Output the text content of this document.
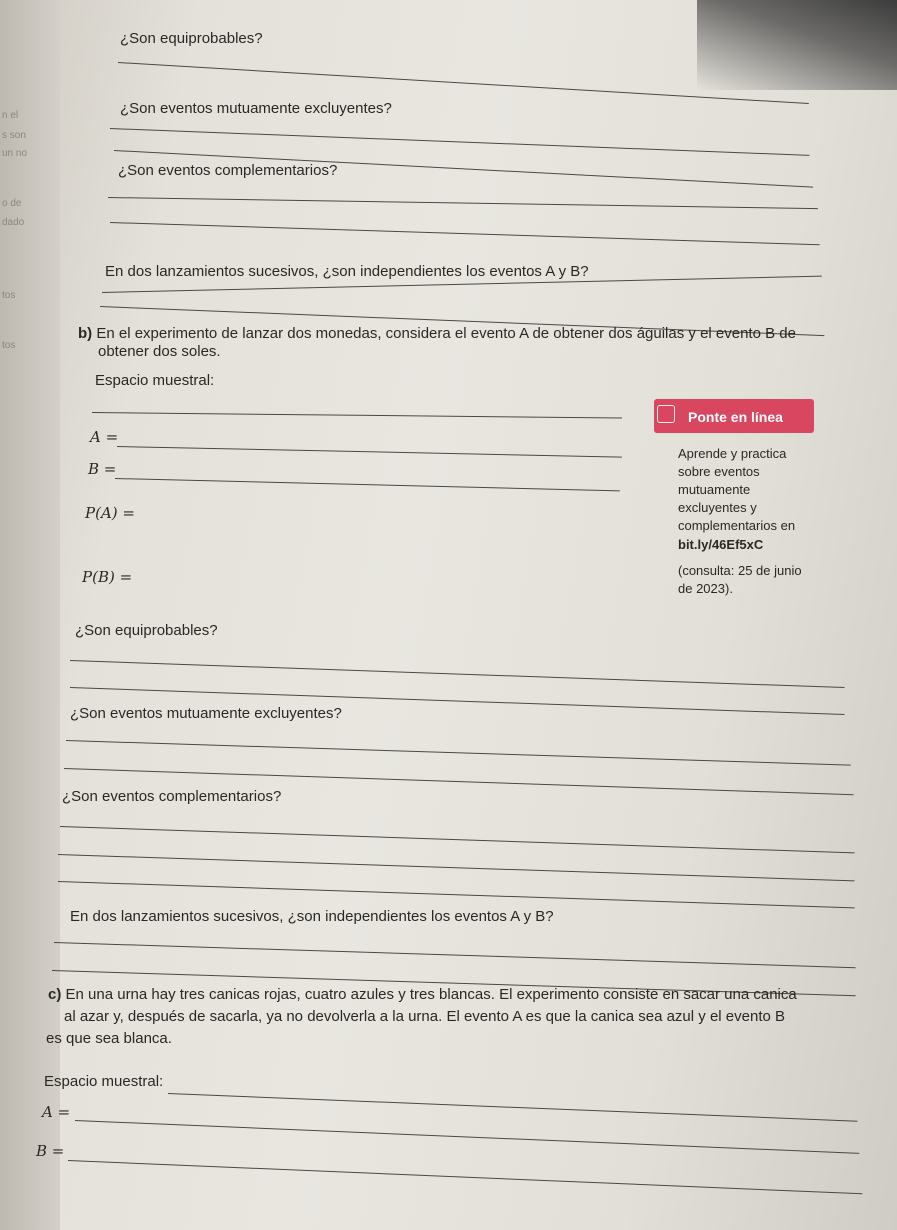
n el
s son
un no
o de
dado
tos
tos
¿Son equiprobables?
¿Son eventos mutuamente excluyentes?
¿Son eventos complementarios?
En dos lanzamientos sucesivos, ¿son independientes los eventos A y B?
b) En el experimento de lanzar dos monedas, considera el evento A de obtener dos águilas y el evento B de
obtener dos soles.
Espacio muestral:
A =
B =
P(A) =
P(B) =
Ponte en línea
Aprende y practica
sobre eventos
mutuamente
excluyentes y
complementarios en
bit.ly/46Ef5xC
(consulta: 25 de junio
de 2023).
¿Son equiprobables?
¿Son eventos mutuamente excluyentes?
¿Son eventos complementarios?
En dos lanzamientos sucesivos, ¿son independientes los eventos A y B?
c) En una urna hay tres canicas rojas, cuatro azules y tres blancas. El experimento consiste en sacar una canica
al azar y, después de sacarla, ya no devolverla a la urna. El evento A es que la canica sea azul y el evento B
es que sea blanca.
Espacio muestral:
A =
B =
